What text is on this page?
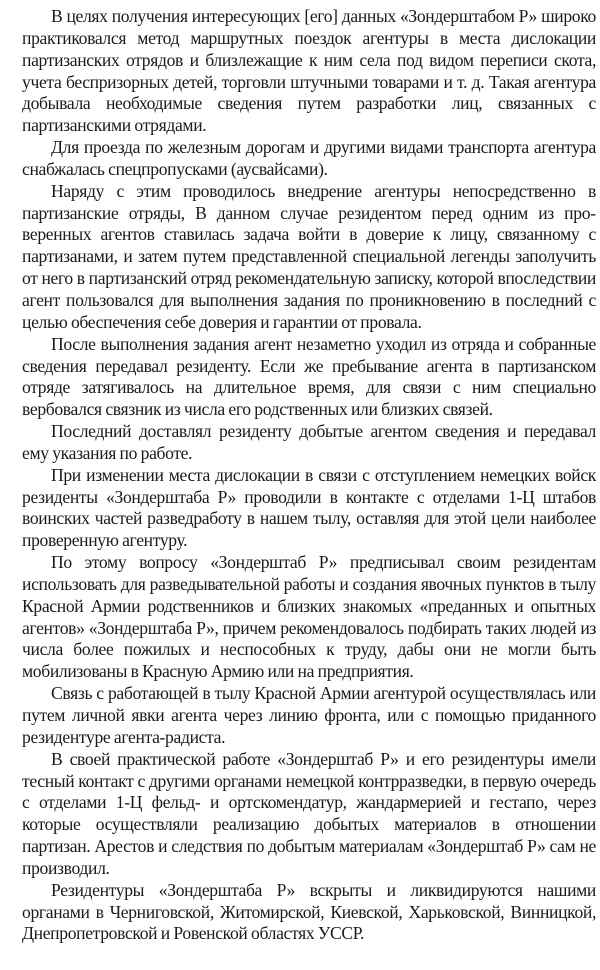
В целях получения интересующих [его] данных «Зондерштабом Р» широко практиковался метод маршрутных поездок агентуры в места дислокации партизанских отрядов и близлежащие к ним села под видом переписи скота, учета беспризорных детей, торговли штучными товарами и т. д. Такая агентура добывала необходимые сведения путем разработки лиц, связанных с партизанскими отрядами.

Для проезда по железным дорогам и другими видами транспорта агентура снабжалась спецпропусками (аусвайсами).

Наряду с этим проводилось внедрение агентуры непосредственно в партизанские отряды, В данном случае резидентом перед одним из проверенных агентов ставилась задача войти в доверие к лицу, связанному с партизанами, и затем путем представленной специальной легенды заполучить от него в партизанский отряд рекомендательную записку, которой впоследствии агент пользовался для выполнения задания по проникновению в последний с целью обеспечения себе доверия и гарантии от провала.

После выполнения задания агент незаметно уходил из отряда и собранные сведения передавал резиденту. Если же пребывание агента в партизанском отряде затягивалось на длительное время, для связи с ним специально вербовался связник из числа его родственных или близких связей.

Последний доставлял резиденту добытые агентом сведения и передавал ему указания по работе.

При изменении места дислокации в связи с отступлением немецких войск резиденты «Зондерштаба Р» проводили в контакте с отделами 1-Ц штабов воинских частей разведработу в нашем тылу, оставляя для этой цели наиболее проверенную агентуру.

По этому вопросу «Зондерштаб Р» предписывал своим резидентам использовать для разведывательной работы и создания явочных пунктов в тылу Красной Армии родственников и близких знакомых «преданных и опытных агентов» «Зондерштаба Р», причем рекомендовалось подбирать таких людей из числа более пожилых и неспособных к труду, дабы они не могли быть мобилизованы в Красную Армию или на предприятия.

Связь с работающей в тылу Красной Армии агентурой осуществлялась или путем личной явки агента через линию фронта, или с помощью приданного резидентуре агента-радиста.

В своей практической работе «Зондерштаб Р» и его резидентуры имели тесный контакт с другими органами немецкой контрразведки, в первую очередь с отделами 1-Ц фельд- и ортскомендатур, жандармерией и гестапо, через которые осуществляли реализацию добытых материалов в отношении партизан. Арестов и следствия по добытым материалам «Зондерштаб Р» сам не производил.

Резидентуры «Зондерштаба Р» вскрыты и ликвидируются нашими органами в Черниговской, Житомирской, Киевской, Харьковской, Винницкой, Днепропетровской и Ровенской областях УССР.
